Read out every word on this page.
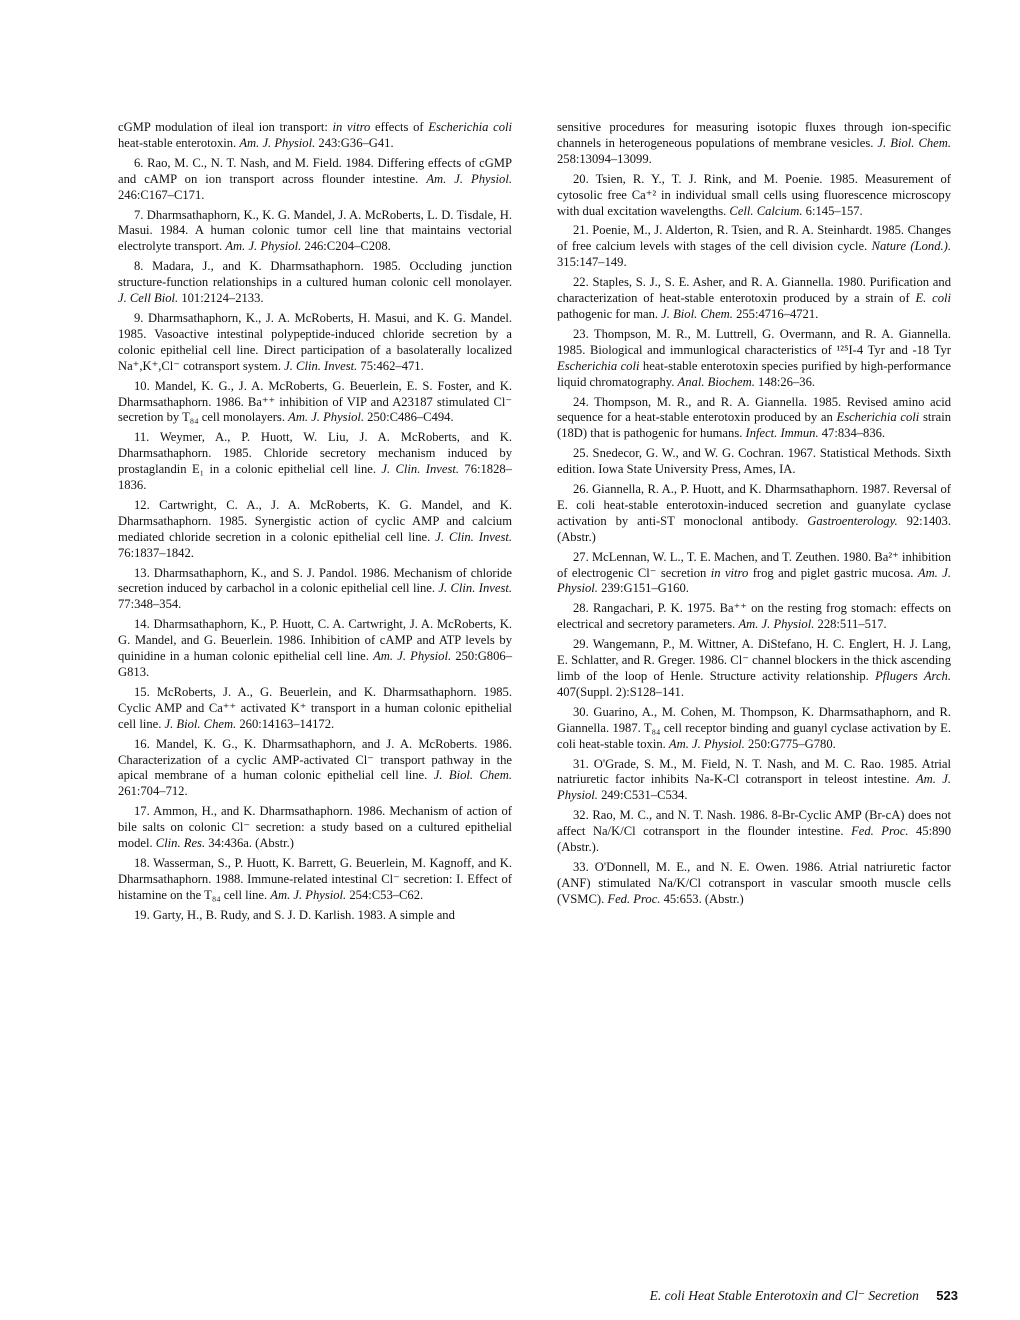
cGMP modulation of ileal ion transport: in vitro effects of Escherichia coli heat-stable enterotoxin. Am. J. Physiol. 243:G36–G41.

6. Rao, M. C., N. T. Nash, and M. Field. 1984. Differing effects of cGMP and cAMP on ion transport across flounder intestine. Am. J. Physiol. 246:C167–C171.

7. Dharmsathaphorn, K., K. G. Mandel, J. A. McRoberts, L. D. Tisdale, H. Masui. 1984. A human colonic tumor cell line that maintains vectorial electrolyte transport. Am. J. Physiol. 246:C204–C208.

8. Madara, J., and K. Dharmsathaphorn. 1985. Occluding junction structure-function relationships in a cultured human colonic cell monolayer. J. Cell Biol. 101:2124–2133.

9. Dharmsathaphorn, K., J. A. McRoberts, H. Masui, and K. G. Mandel. 1985. Vasoactive intestinal polypeptide-induced chloride secretion by a colonic epithelial cell line. Direct participation of a basolaterally localized Na⁺,K⁺,Cl⁻ cotransport system. J. Clin. Invest. 75:462–471.

10. Mandel, K. G., J. A. McRoberts, G. Beuerlein, E. S. Foster, and K. Dharmsathaphorn. 1986. Ba⁺⁺ inhibition of VIP and A23187 stimulated Cl⁻ secretion by T₈₄ cell monolayers. Am. J. Physiol. 250:C486–C494.

11. Weymer, A., P. Huott, W. Liu, J. A. McRoberts, and K. Dharmsathaphorn. 1985. Chloride secretory mechanism induced by prostaglandin E₁ in a colonic epithelial cell line. J. Clin. Invest. 76:1828–1836.

12. Cartwright, C. A., J. A. McRoberts, K. G. Mandel, and K. Dharmsathaphorn. 1985. Synergistic action of cyclic AMP and calcium mediated chloride secretion in a colonic epithelial cell line. J. Clin. Invest. 76:1837–1842.

13. Dharmsathaphorn, K., and S. J. Pandol. 1986. Mechanism of chloride secretion induced by carbachol in a colonic epithelial cell line. J. Clin. Invest. 77:348–354.

14. Dharmsathaphorn, K., P. Huott, C. A. Cartwright, J. A. McRoberts, K. G. Mandel, and G. Beuerlein. 1986. Inhibition of cAMP and ATP levels by quinidine in a human colonic epithelial cell line. Am. J. Physiol. 250:G806–G813.

15. McRoberts, J. A., G. Beuerlein, and K. Dharmsathaphorn. 1985. Cyclic AMP and Ca⁺⁺ activated K⁺ transport in a human colonic epithelial cell line. J. Biol. Chem. 260:14163–14172.

16. Mandel, K. G., K. Dharmsathaphorn, and J. A. McRoberts. 1986. Characterization of a cyclic AMP-activated Cl⁻ transport pathway in the apical membrane of a human colonic epithelial cell line. J. Biol. Chem. 261:704–712.

17. Ammon, H., and K. Dharmsathaphorn. 1986. Mechanism of action of bile salts on colonic Cl⁻ secretion: a study based on a cultured epithelial model. Clin. Res. 34:436a. (Abstr.)

18. Wasserman, S., P. Huott, K. Barrett, G. Beuerlein, M. Kagnoff, and K. Dharmsathaphorn. 1988. Immune-related intestinal Cl⁻ secretion: I. Effect of histamine on the T₈₄ cell line. Am. J. Physiol. 254:C53–C62.

19. Garty, H., B. Rudy, and S. J. D. Karlish. 1983. A simple and

sensitive procedures for measuring isotopic fluxes through ion-specific channels in heterogeneous populations of membrane vesicles. J. Biol. Chem. 258:13094–13099.

20. Tsien, R. Y., T. J. Rink, and M. Poenie. 1985. Measurement of cytosolic free Ca⁺² in individual small cells using fluorescence microscopy with dual excitation wavelengths. Cell. Calcium. 6:145–157.

21. Poenie, M., J. Alderton, R. Tsien, and R. A. Steinhardt. 1985. Changes of free calcium levels with stages of the cell division cycle. Nature (Lond.). 315:147–149.

22. Staples, S. J., S. E. Asher, and R. A. Giannella. 1980. Purification and characterization of heat-stable enterotoxin produced by a strain of E. coli pathogenic for man. J. Biol. Chem. 255:4716–4721.

23. Thompson, M. R., M. Luttrell, G. Overmann, and R. A. Giannella. 1985. Biological and immunlogical characteristics of ¹²⁵I-4 Tyr and -18 Tyr Escherichia coli heat-stable enterotoxin species purified by high-performance liquid chromatography. Anal. Biochem. 148:26–36.

24. Thompson, M. R., and R. A. Giannella. 1985. Revised amino acid sequence for a heat-stable enterotoxin produced by an Escherichia coli strain (18D) that is pathogenic for humans. Infect. Immun. 47:834–836.

25. Snedecor, G. W., and W. G. Cochran. 1967. Statistical Methods. Sixth edition. Iowa State University Press, Ames, IA.

26. Giannella, R. A., P. Huott, and K. Dharmsathaphorn. 1987. Reversal of E. coli heat-stable enterotoxin-induced secretion and guanylate cyclase activation by anti-ST monoclonal antibody. Gastroenterology. 92:1403. (Abstr.)

27. McLennan, W. L., T. E. Machen, and T. Zeuthen. 1980. Ba²⁺ inhibition of electrogenic Cl⁻ secretion in vitro frog and piglet gastric mucosa. Am. J. Physiol. 239:G151–G160.

28. Rangachari, P. K. 1975. Ba⁺⁺ on the resting frog stomach: effects on electrical and secretory parameters. Am. J. Physiol. 228:511–517.

29. Wangemann, P., M. Wittner, A. DiStefano, H. C. Englert, H. J. Lang, E. Schlatter, and R. Greger. 1986. Cl⁻ channel blockers in the thick ascending limb of the loop of Henle. Structure activity relationship. Pflugers Arch. 407(Suppl. 2):S128–141.

30. Guarino, A., M. Cohen, M. Thompson, K. Dharmsathaphorn, and R. Giannella. 1987. T₈₄ cell receptor binding and guanyl cyclase activation by E. coli heat-stable toxin. Am. J. Physiol. 250:G775–G780.

31. O'Grade, S. M., M. Field, N. T. Nash, and M. C. Rao. 1985. Atrial natriuretic factor inhibits Na-K-Cl cotransport in teleost intestine. Am. J. Physiol. 249:C531–C534.

32. Rao, M. C., and N. T. Nash. 1986. 8-Br-Cyclic AMP (Br-cA) does not affect Na/K/Cl cotransport in the flounder intestine. Fed. Proc. 45:890 (Abstr.).

33. O'Donnell, M. E., and N. E. Owen. 1986. Atrial natriuretic factor (ANF) stimulated Na/K/Cl cotransport in vascular smooth muscle cells (VSMC). Fed. Proc. 45:653. (Abstr.)

E. coli Heat Stable Enterotoxin and Cl⁻ Secretion 523
